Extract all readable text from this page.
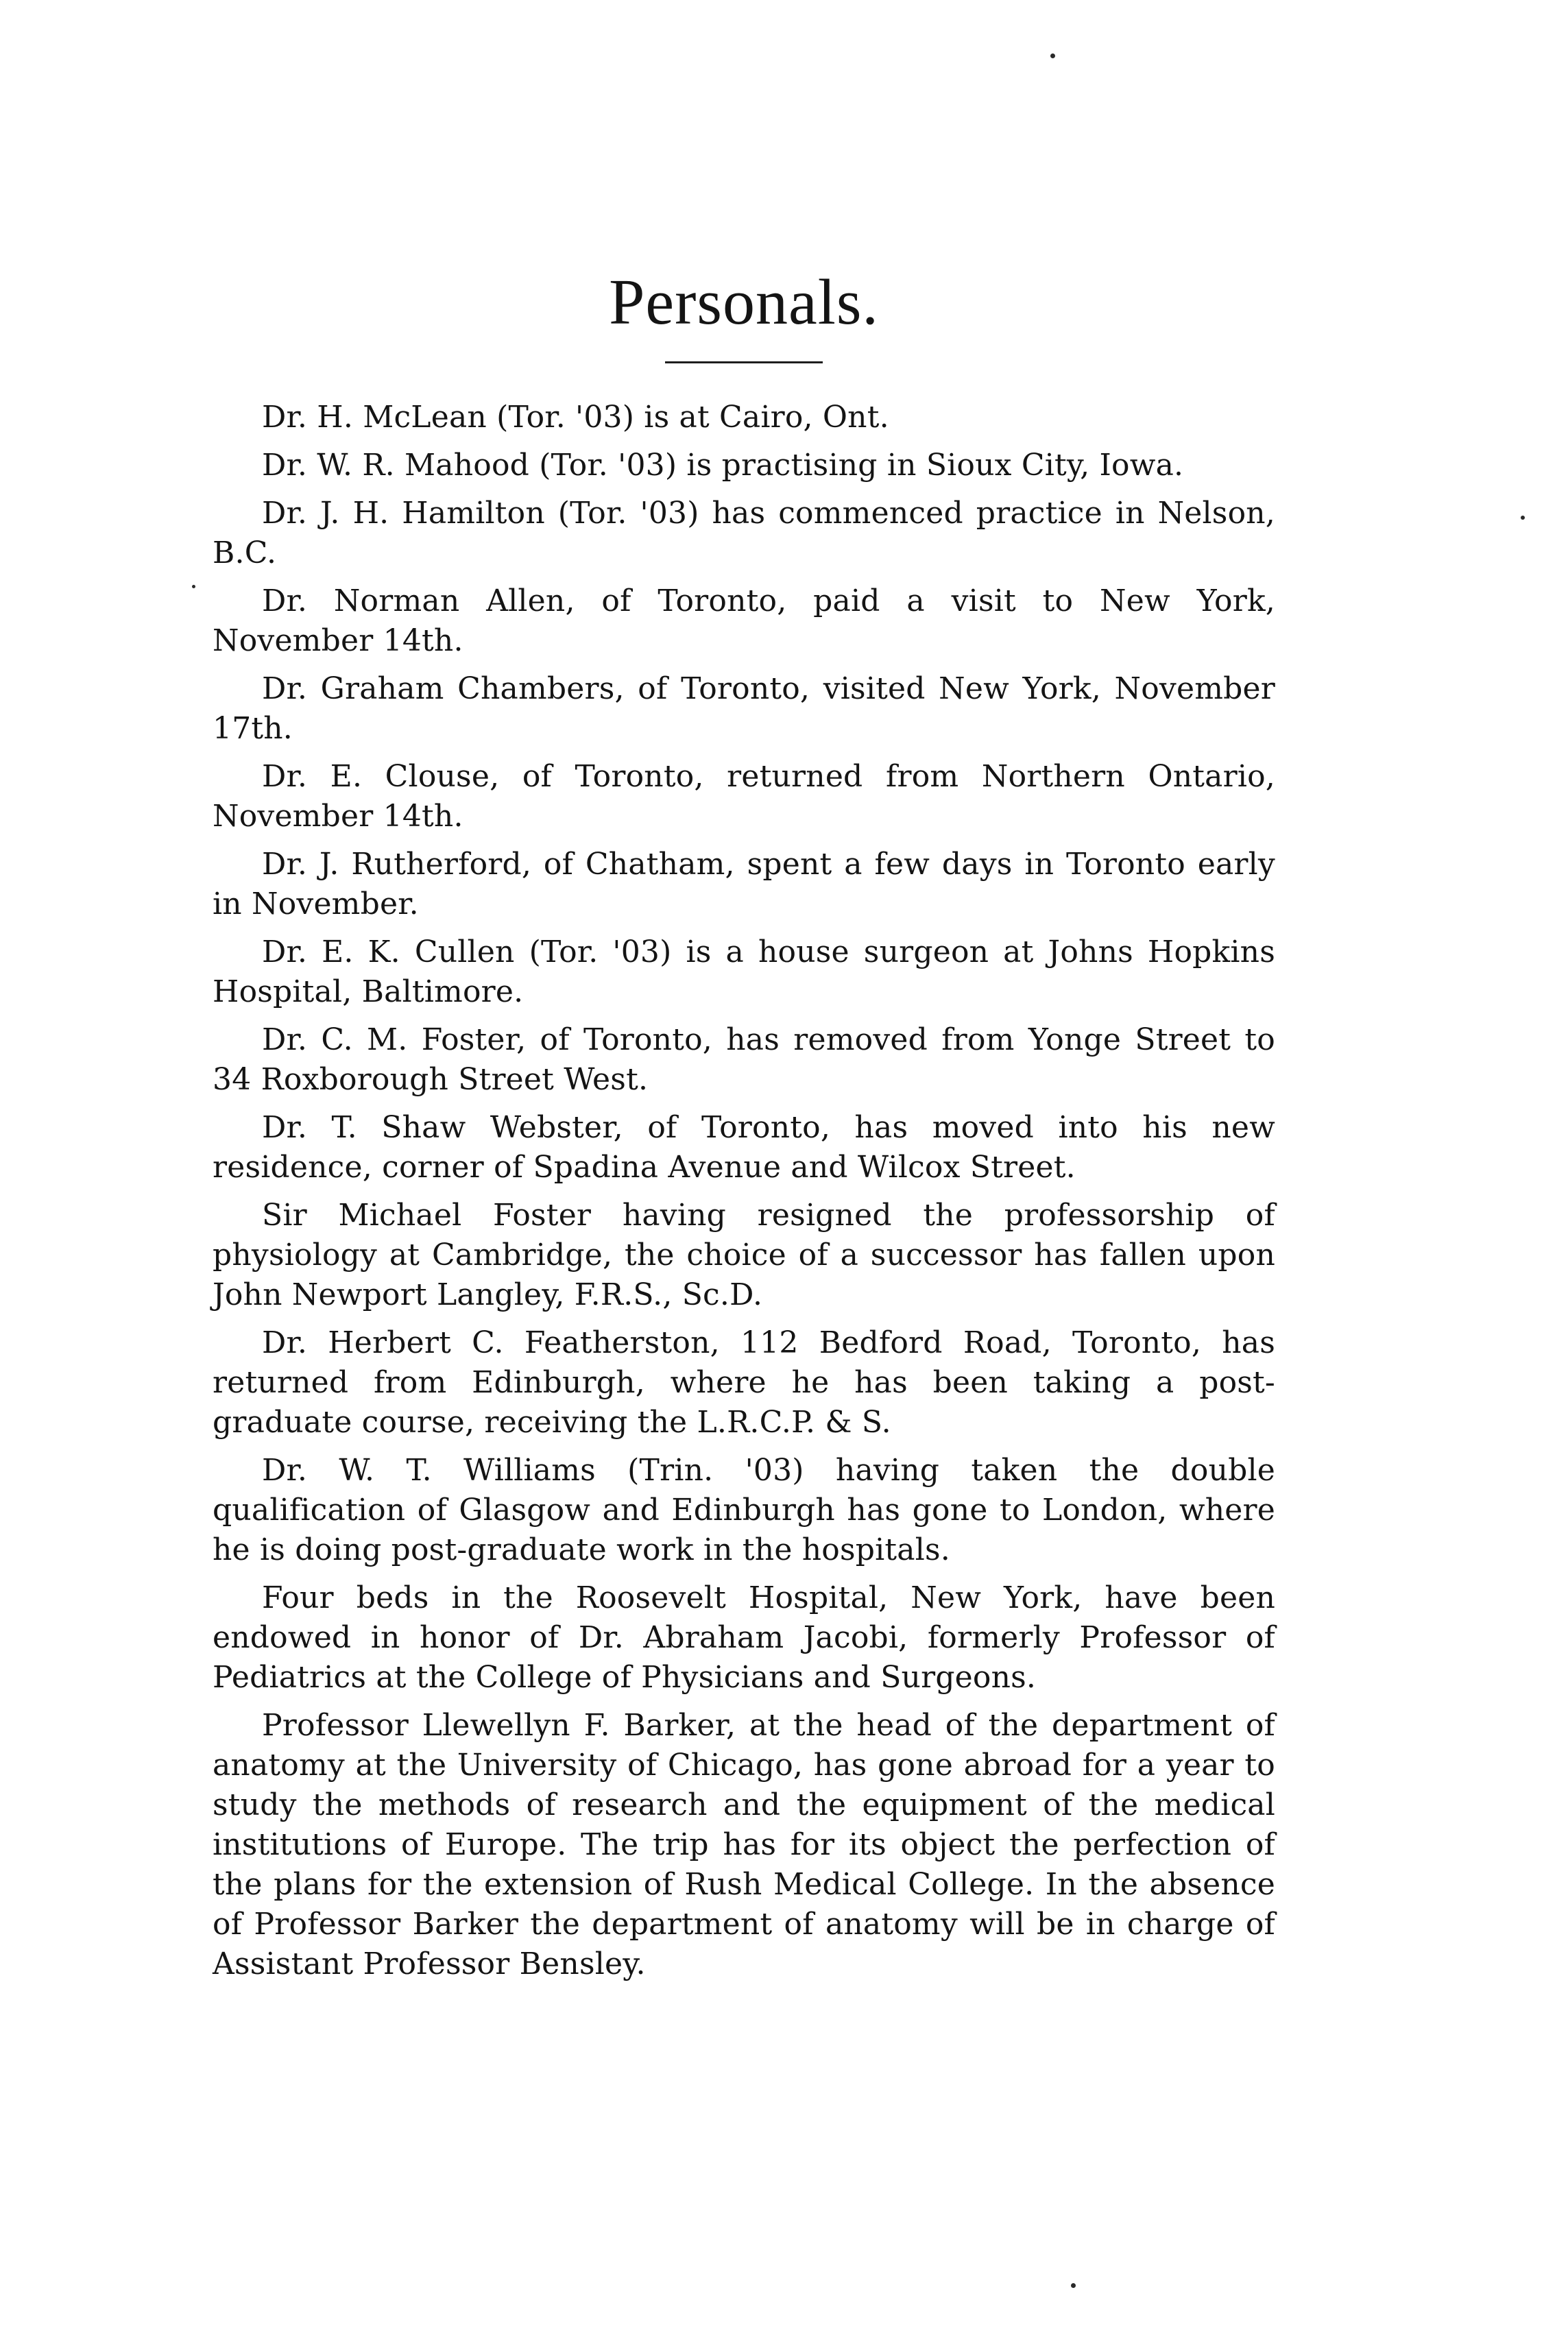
Personals.

Dr. H. McLean (Tor. '03) is at Cairo, Ont.

Dr. W. R. Mahood (Tor. '03) is practising in Sioux City, Iowa.

Dr. J. H. Hamilton (Tor. '03) has commenced practice in Nelson, B.C.

Dr. Norman Allen, of Toronto, paid a visit to New York, November 14th.

Dr. Graham Chambers, of Toronto, visited New York, November 17th.

Dr. E. Clouse, of Toronto, returned from Northern Ontario, November 14th.

Dr. J. Rutherford, of Chatham, spent a few days in Toronto early in November.

Dr. E. K. Cullen (Tor. '03) is a house surgeon at Johns Hopkins Hospital, Baltimore.

Dr. C. M. Foster, of Toronto, has removed from Yonge Street to 34 Roxborough Street West.

Dr. T. Shaw Webster, of Toronto, has moved into his new residence, corner of Spadina Avenue and Wilcox Street.

Sir Michael Foster having resigned the professorship of physiology at Cambridge, the choice of a successor has fallen upon John Newport Langley, F.R.S., Sc.D.

Dr. Herbert C. Featherston, 112 Bedford Road, Toronto, has returned from Edinburgh, where he has been taking a post-graduate course, receiving the L.R.C.P. & S.

Dr. W. T. Williams (Trin. '03) having taken the double qualification of Glasgow and Edinburgh has gone to London, where he is doing post-graduate work in the hospitals.

Four beds in the Roosevelt Hospital, New York, have been endowed in honor of Dr. Abraham Jacobi, formerly Professor of Pediatrics at the College of Physicians and Surgeons.

Professor Llewellyn F. Barker, at the head of the department of anatomy at the University of Chicago, has gone abroad for a year to study the methods of research and the equipment of the medical institutions of Europe. The trip has for its object the perfection of the plans for the extension of Rush Medical College. In the absence of Professor Barker the department of anatomy will be in charge of Assistant Professor Bensley.
